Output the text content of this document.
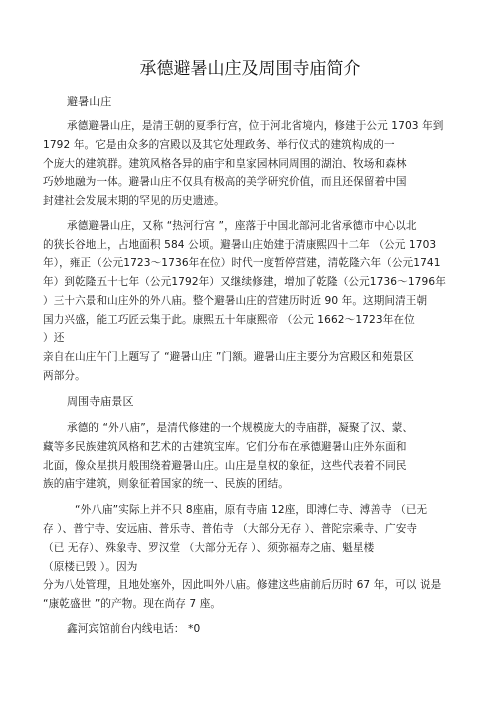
承德避暑山庄及周围寺庙简介
避暑山庄
承德避暑山庄，是清王朝的夏季行宫，位于河北省境内，修建于公元 1703 年到
1792 年。它是由众多的宫殿以及其它处理政务、举行仪式的建筑构成的一
个庞大的建筑群。建筑风格各异的庙宇和皇家园林同周围的湖泊、牧场和森林
巧妙地融为一体。避暑山庄不仅具有极高的美学研究价值，而且还保留着中国
封建社会发展末期的罕见的历史遗迹。
承德避暑山庄，又称 “热河行宫 ”，座落于中国北部河北省承德市中心以北
的狭长谷地上，占地面积 584 公顷。避暑山庄始建于清康熙四十二年 （公元 1703
年），雍正（公元1723～1736年在位）时代一度暂停营建，清乾隆六年（公元1741
年）到乾隆五十七年（公元1792年）又继续修建，增加了乾隆（公元1736～1796年
）三十六景和山庄外的外八庙。整个避暑山庄的营建历时近 90 年。这期间清王朝
国力兴盛，能工巧匠云集于此。康熙五十年康熙帝 （公元 1662～1723年在位
）还
亲自在山庄午门上题写了 “避暑山庄 ”门额。避暑山庄主要分为宫殿区和苑景区
两部分。
周围寺庙景区
承德的 “外八庙”，是清代修建的一个规模庞大的寺庙群，凝聚了汉、蒙、
藏等多民族建筑风格和艺术的古建筑宝库。它们分布在承德避暑山庄外东面和
北面，像众星拱月般围绕着避暑山庄。山庄是皇权的象征，这些代表着不同民
族的庙宇建筑，则象征着国家的统一、民族的团结。
“外八庙”实际上并不只 8座庙，原有寺庙 12座，即溥仁寺、溥善寺 （已无
存 ）、普宁寺、安远庙、普乐寺、普佑寺 （大部分无存 ）、普陀宗乘寺、广安寺
（已 无存）、殊象寺、罗汉堂 （大部分无存 ）、须弥福寿之庙、魁星楼
（原楼已毁 ）。因为
分为八处管理，且地处塞外，因此叫外八庙。修建这些庙前后历时 67 年，可以 说是
“康乾盛世 ”的产物。现在尚存 7 座。
鑫河宾馆前台内线电话： *0
